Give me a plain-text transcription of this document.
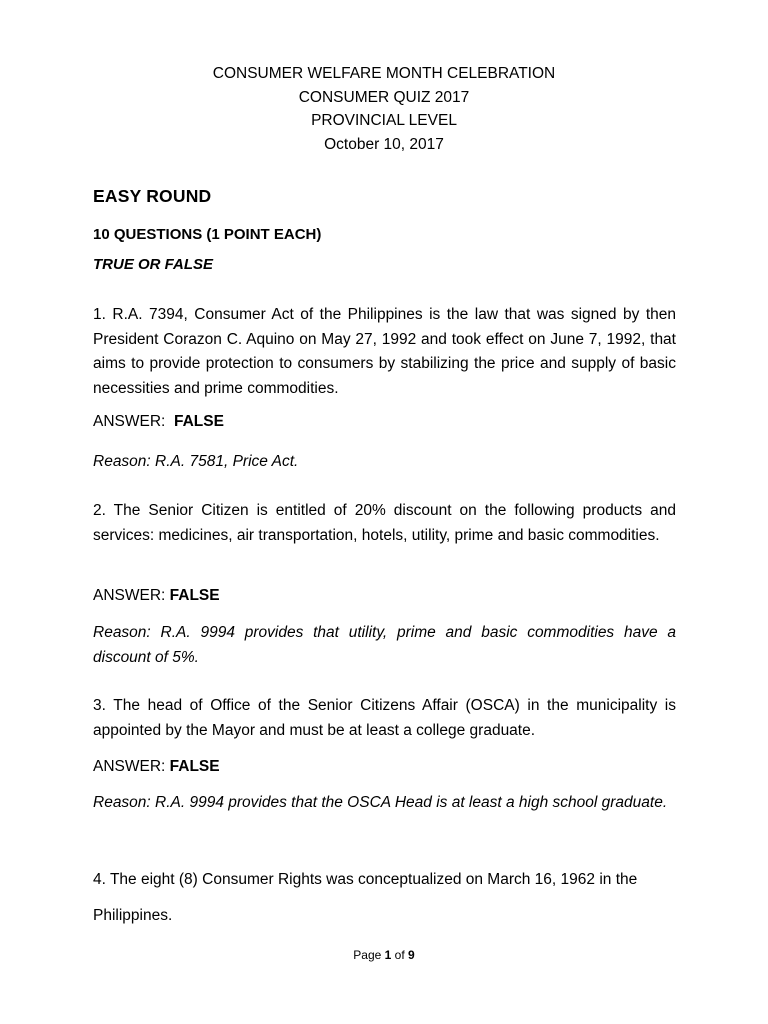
CONSUMER WELFARE MONTH CELEBRATION
CONSUMER QUIZ 2017
PROVINCIAL LEVEL
October 10, 2017
EASY ROUND
10 QUESTIONS (1 POINT EACH)
TRUE OR FALSE
1. R.A. 7394, Consumer Act of the Philippines is the law that was signed by then President Corazon C. Aquino on May 27, 1992 and took effect on June 7, 1992, that aims to provide protection to consumers by stabilizing the price and supply of basic necessities and prime commodities.
ANSWER: FALSE
Reason: R.A. 7581, Price Act.
2. The Senior Citizen is entitled of 20% discount on the following products and services: medicines, air transportation, hotels, utility, prime and basic commodities.
ANSWER: FALSE
Reason: R.A. 9994 provides that utility, prime and basic commodities have a discount of 5%.
3. The head of Office of the Senior Citizens Affair (OSCA) in the municipality is appointed by the Mayor and must be at least a college graduate.
ANSWER: FALSE
Reason: R.A. 9994 provides that the OSCA Head is at least a high school graduate.
4. The eight (8) Consumer Rights was conceptualized on March 16, 1962 in the
Philippines.
Page 1 of 9
